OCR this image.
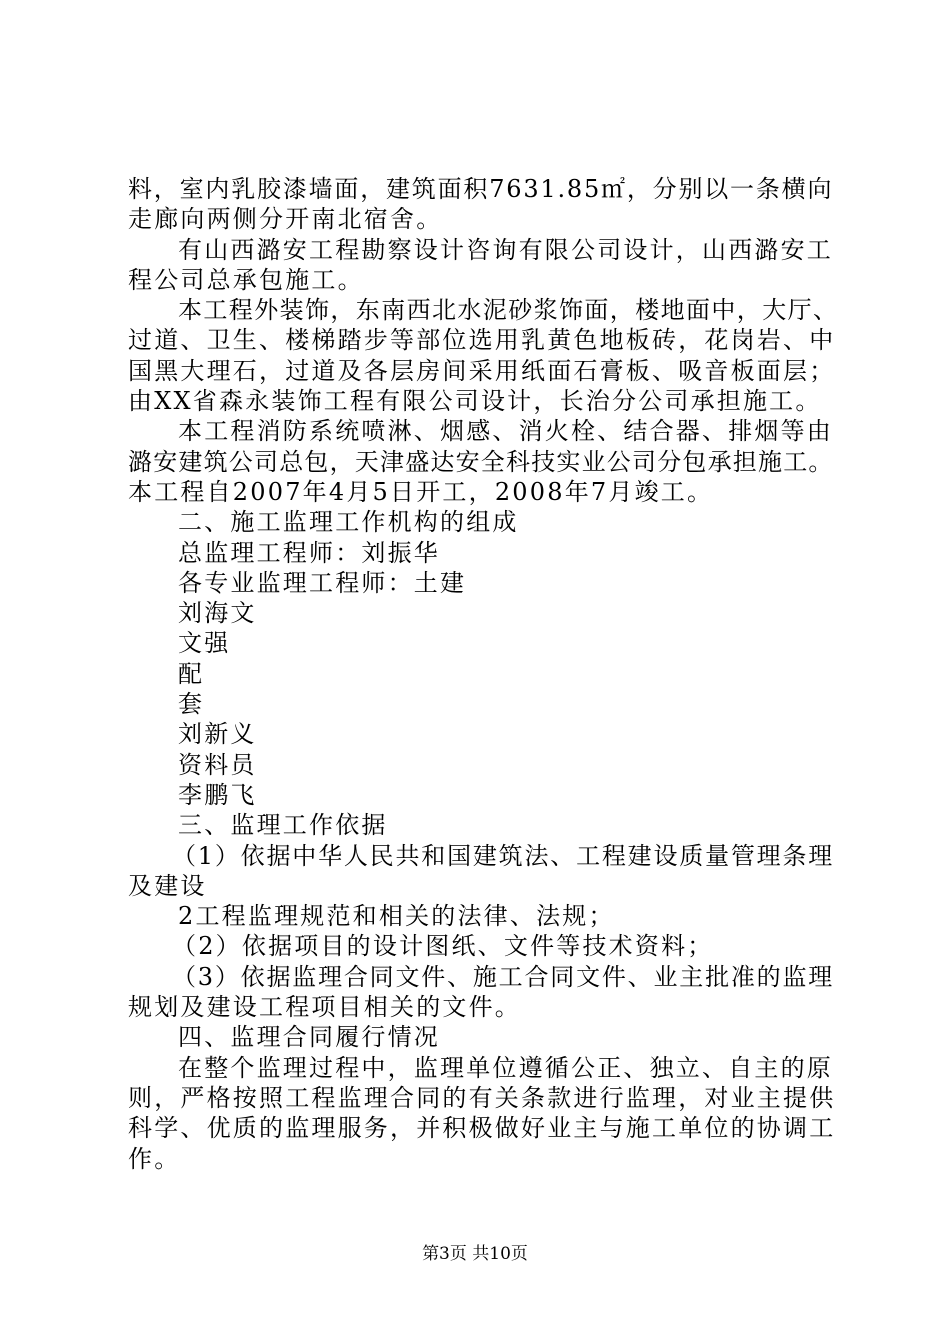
料，室内乳胶漆墙面，建筑面积7631.85㎡，分别以一条横向
走廊向两侧分开南北宿舍。
有山西潞安工程勘察设计咨询有限公司设计，山西潞安工
程公司总承包施工。
本工程外装饰，东南西北水泥砂浆饰面，楼地面中，大厅、
过道、卫生、楼梯踏步等部位选用乳黄色地板砖，花岗岩、中
国黑大理石，过道及各层房间采用纸面石膏板、吸音板面层；
由XX省森永装饰工程有限公司设计，长治分公司承担施工。
本工程消防系统喷淋、烟感、消火栓、结合器、排烟等由
潞安建筑公司总包，天津盛达安全科技实业公司分包承担施工。
本工程自2007年4月5日开工，2008年7月竣工。
二、施工监理工作机构的组成
总监理工程师：刘振华
各专业监理工程师：土建
刘海文
文强
配
套
刘新义
资料员
李鹏飞
三、监理工作依据
（1）依据中华人民共和国建筑法、工程建设质量管理条理
及建设
2工程监理规范和相关的法律、法规；
（2）依据项目的设计图纸、文件等技术资料；
（3）依据监理合同文件、施工合同文件、业主批准的监理
规划及建设工程项目相关的文件。
四、监理合同履行情况
在整个监理过程中，监理单位遵循公正、独立、自主的原
则，严格按照工程监理合同的有关条款进行监理，对业主提供
科学、优质的监理服务，并积极做好业主与施工单位的协调工
作。
第3页 共10页
